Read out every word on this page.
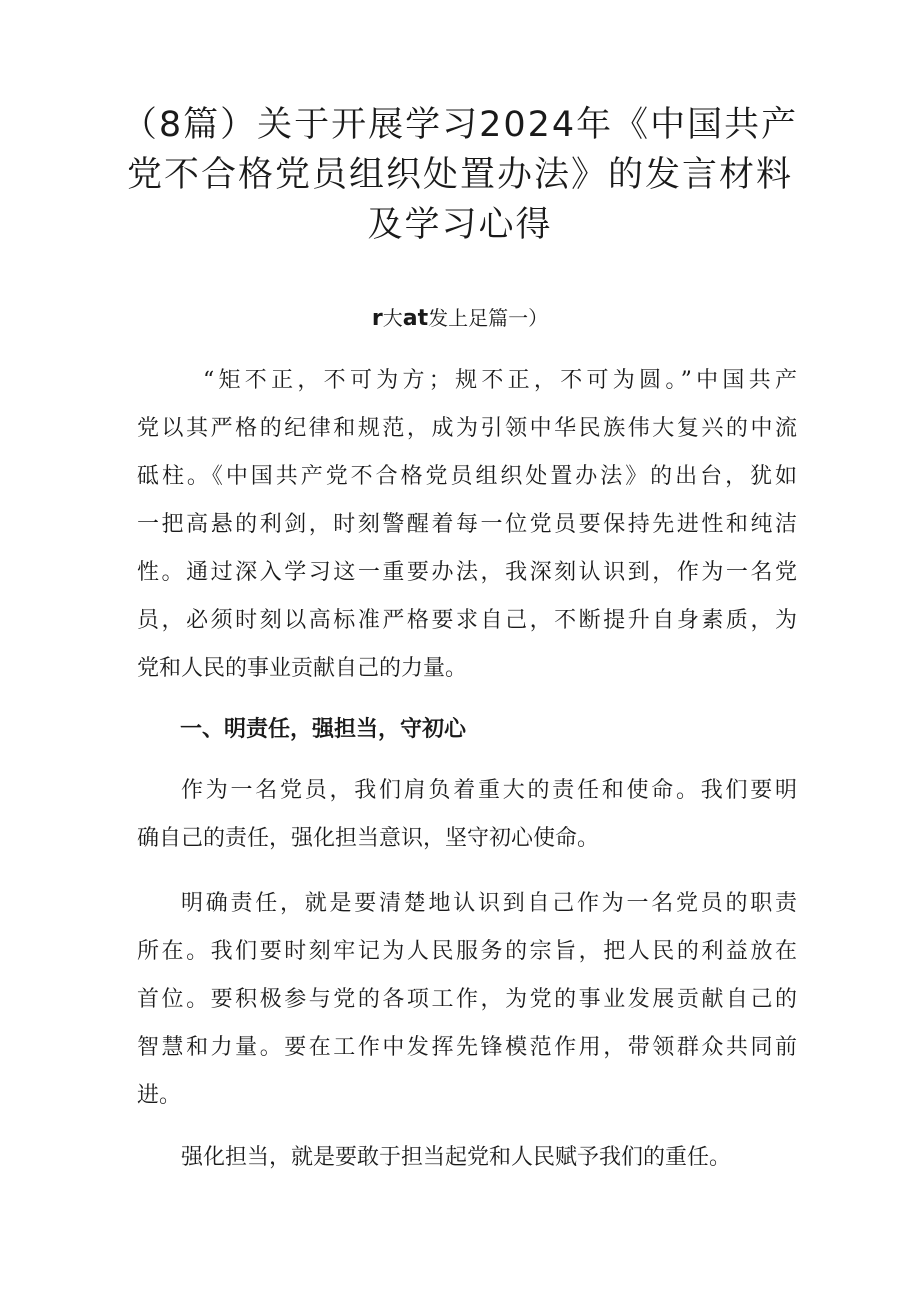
（8篇）关于开展学习2024年《中国共产
党不合格党员组织处置办法》的发言材料
及学习心得
r大at发上足篇一）
“矩不正，不可为方；规不正，不可为圆。”中国共产
党以其严格的纪律和规范，成为引领中华民族伟大复兴的中流
砥柱。《中国共产党不合格党员组织处置办法》的出台，犹如
一把高悬的利剑，时刻警醒着每一位党员要保持先进性和纯洁
性。通过深入学习这一重要办法，我深刻认识到，作为一名党
员，必须时刻以高标准严格要求自己，不断提升自身素质，为
党和人民的事业贡献自己的力量。
一、明责任，强担当，守初心
作为一名党员，我们肩负着重大的责任和使命。我们要明
确自己的责任，强化担当意识，坚守初心使命。
明确责任，就是要清楚地认识到自己作为一名党员的职责
所在。我们要时刻牢记为人民服务的宗旨，把人民的利益放在
首位。要积极参与党的各项工作，为党的事业发展贡献自己的
智慧和力量。要在工作中发挥先锋模范作用，带领群众共同前
进。
强化担当，就是要敢于担当起党和人民赋予我们的重任。
